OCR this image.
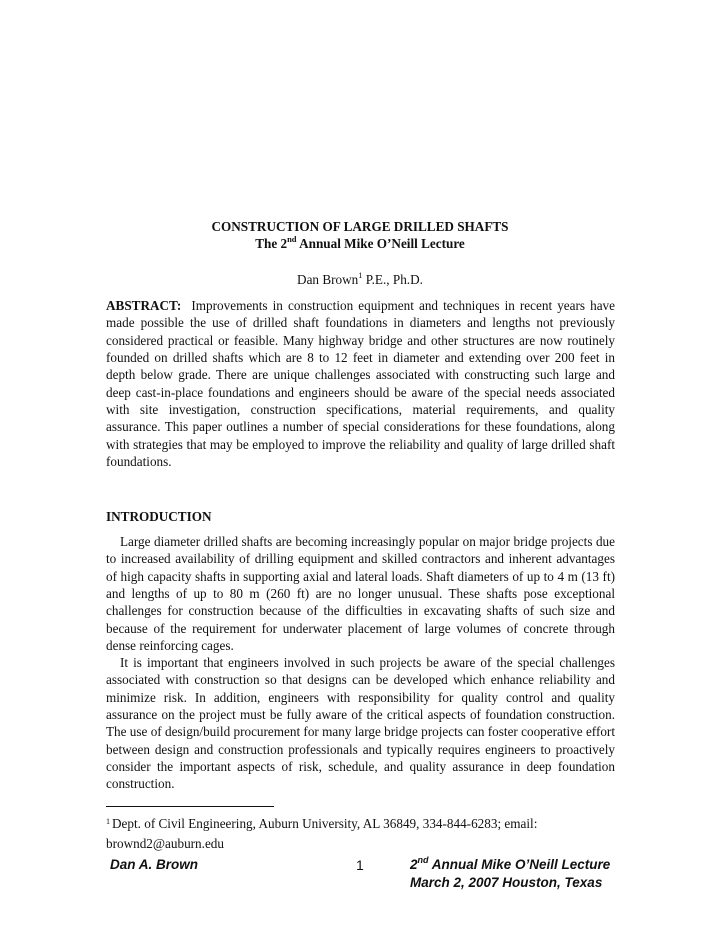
CONSTRUCTION OF LARGE DRILLED SHAFTS

The 2nd Annual Mike O’Neill Lecture

Dan Brown$^1$ P.E., Ph.D.

ABSTRACT: Improvements in construction equipment and techniques in recent years have made possible the use of drilled shaft foundations in diameters and lengths not previously considered practical or feasible. Many highway bridge and other structures are now routinely founded on drilled shafts which are 8 to 12 feet in diameter and extending over 200 feet in depth below grade. There are unique challenges associated with constructing such large and deep cast-in-place foundations and engineers should be aware of the special needs associated with site investigation, construction specifications, material requirements, and quality assurance. This paper outlines a number of special considerations for these foundations, along with strategies that may be employed to improve the reliability and quality of large drilled shaft foundations.

INTRODUCTION

Large diameter drilled shafts are becoming increasingly popular on major bridge projects due to increased availability of drilling equipment and skilled contractors and inherent advantages of high capacity shafts in supporting axial and lateral loads. Shaft diameters of up to 4 m (13 ft) and lengths of up to 80 m (260 ft) are no longer unusual. These shafts pose exceptional challenges for construction because of the difficulties in excavating shafts of such size and because of the requirement for underwater placement of large volumes of concrete through dense reinforcing cages.

It is important that engineers involved in such projects be aware of the special challenges associated with construction so that designs can be developed which enhance reliability and minimize risk. In addition, engineers with responsibility for quality control and quality assurance on the project must be fully aware of the critical aspects of foundation construction. The use of design/build procurement for many large bridge projects can foster cooperative effort between design and construction professionals and typically requires engineers to proactively consider the important aspects of risk, schedule, and quality assurance in deep foundation construction.

$^1$ Dept. of Civil Engineering, Auburn University, AL 36849, 334-844-6283; email: brownd2@auburn.edu

Dan A. Brown	1	2nd Annual Mike O’Neill Lecture
March 2, 2007 Houston, Texas
